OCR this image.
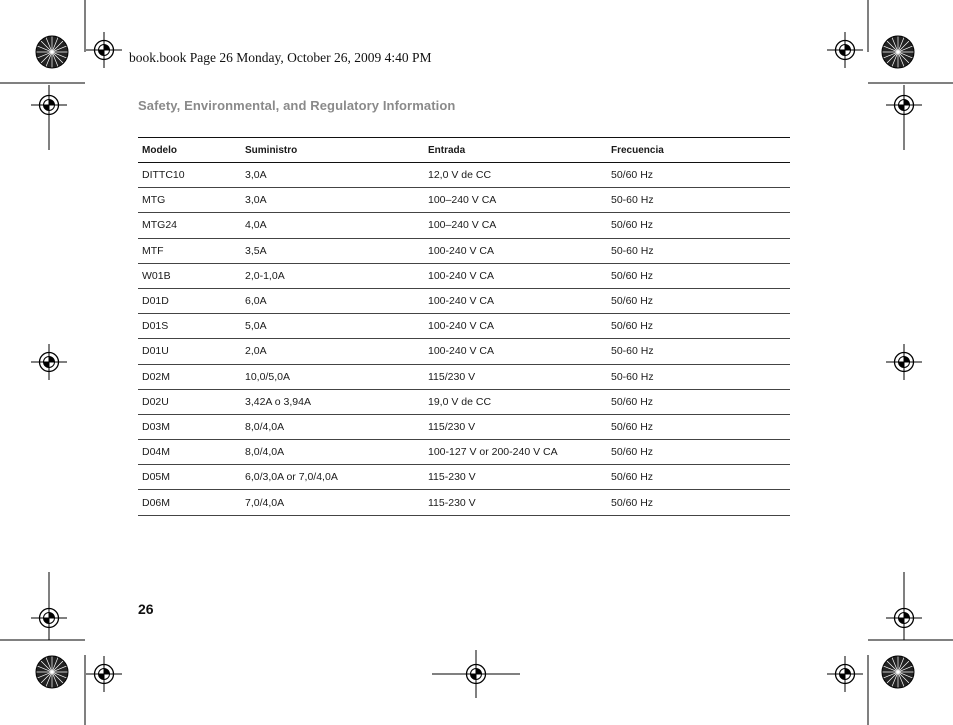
book.book Page 26 Monday, October 26, 2009 4:40 PM
Safety, Environmental, and Regulatory Information
Modelo	Suministro	Entrada	Frecuencia
DITTC10	3,0A	12,0 V de CC	50/60 Hz
MTG	3,0A	100–240 V CA	50-60 Hz
MTG24	4,0A	100–240 V CA	50/60 Hz
MTF	3,5A	100-240 V CA	50-60 Hz
W01B	2,0-1,0A	100-240 V CA	50/60 Hz
D01D	6,0A	100-240 V CA	50/60 Hz
D01S	5,0A	100-240 V CA	50/60 Hz
D01U	2,0A	100-240 V CA	50-60 Hz
D02M	10,0/5,0A	115/230 V	50-60 Hz
D02U	3,42A o 3,94A	19,0 V de CC	50/60 Hz
D03M	8,0/4,0A	115/230 V	50/60 Hz
D04M	8,0/4,0A	100-127 V or 200-240 V CA	50/60 Hz
D05M	6,0/3,0A or 7,0/4,0A	115-230 V	50/60 Hz
D06M	7,0/4,0A	115-230 V	50/60 Hz
26
